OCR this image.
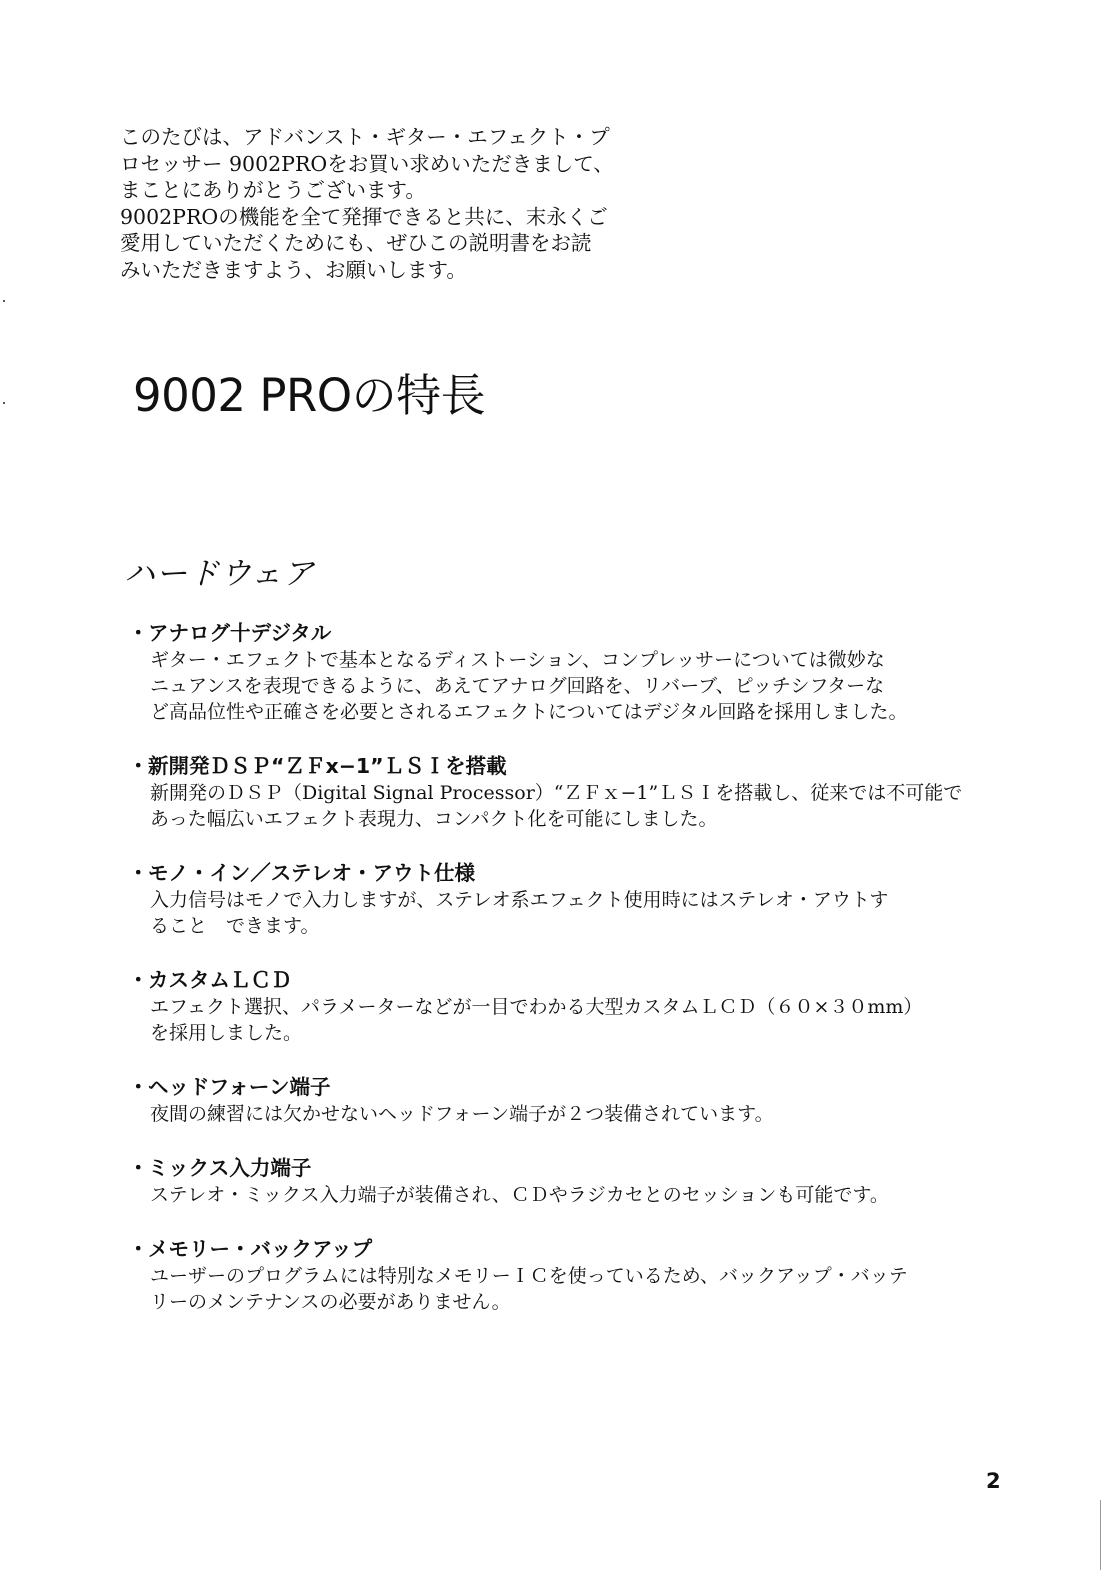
このたびは、アドバンスト・ギター・エフェクト・プ
ロセッサー 9002PROをお買い求めいただきまして、
まことにありがとうございます。
9002PROの機能を全て発揮できると共に、末永くご
愛用していただくためにも、ぜひこの説明書をお読
みいただきますよう、お願いします。
9002 PROの特長
ハードウェア
・アナログ十デジタル
ギター・エフェクトで基本となるディストーション、コンプレッサーについては微妙な
ニュアンスを表現できるように、あえてアナログ回路を、リバーブ、ピッチシフターな
ど高品位性や正確さを必要とされるエフェクトについてはデジタル回路を採用しました。
・新開発ＤＳＰ“ＺＦx−1”ＬＳＩを搭載
新開発のＤＳＰ（Digital Signal Processor）“ＺＦｘ−1”ＬＳＩを搭載し、従来では不可能で
あった幅広いエフェクト表現力、コンパクト化を可能にしました。
・モノ・イン／ステレオ・アウト仕様
入力信号はモノで入力しますが、ステレオ系エフェクト使用時にはステレオ・アウトす
ること　できます。
・カスタムＬＣＤ
エフェクト選択、パラメーターなどが一目でわかる大型カスタムＬＣＤ（６０×３０mm）
を採用しました。
・ヘッドフォーン端子
夜間の練習には欠かせないヘッドフォーン端子が２つ装備されています。
・ミックス入力端子
ステレオ・ミックス入力端子が装備され、ＣＤやラジカセとのセッションも可能です。
・メモリー・バックアップ
ユーザーのプログラムには特別なメモリーＩＣを使っているため、バックアップ・バッテ
リーのメンテナンスの必要がありません。
2
